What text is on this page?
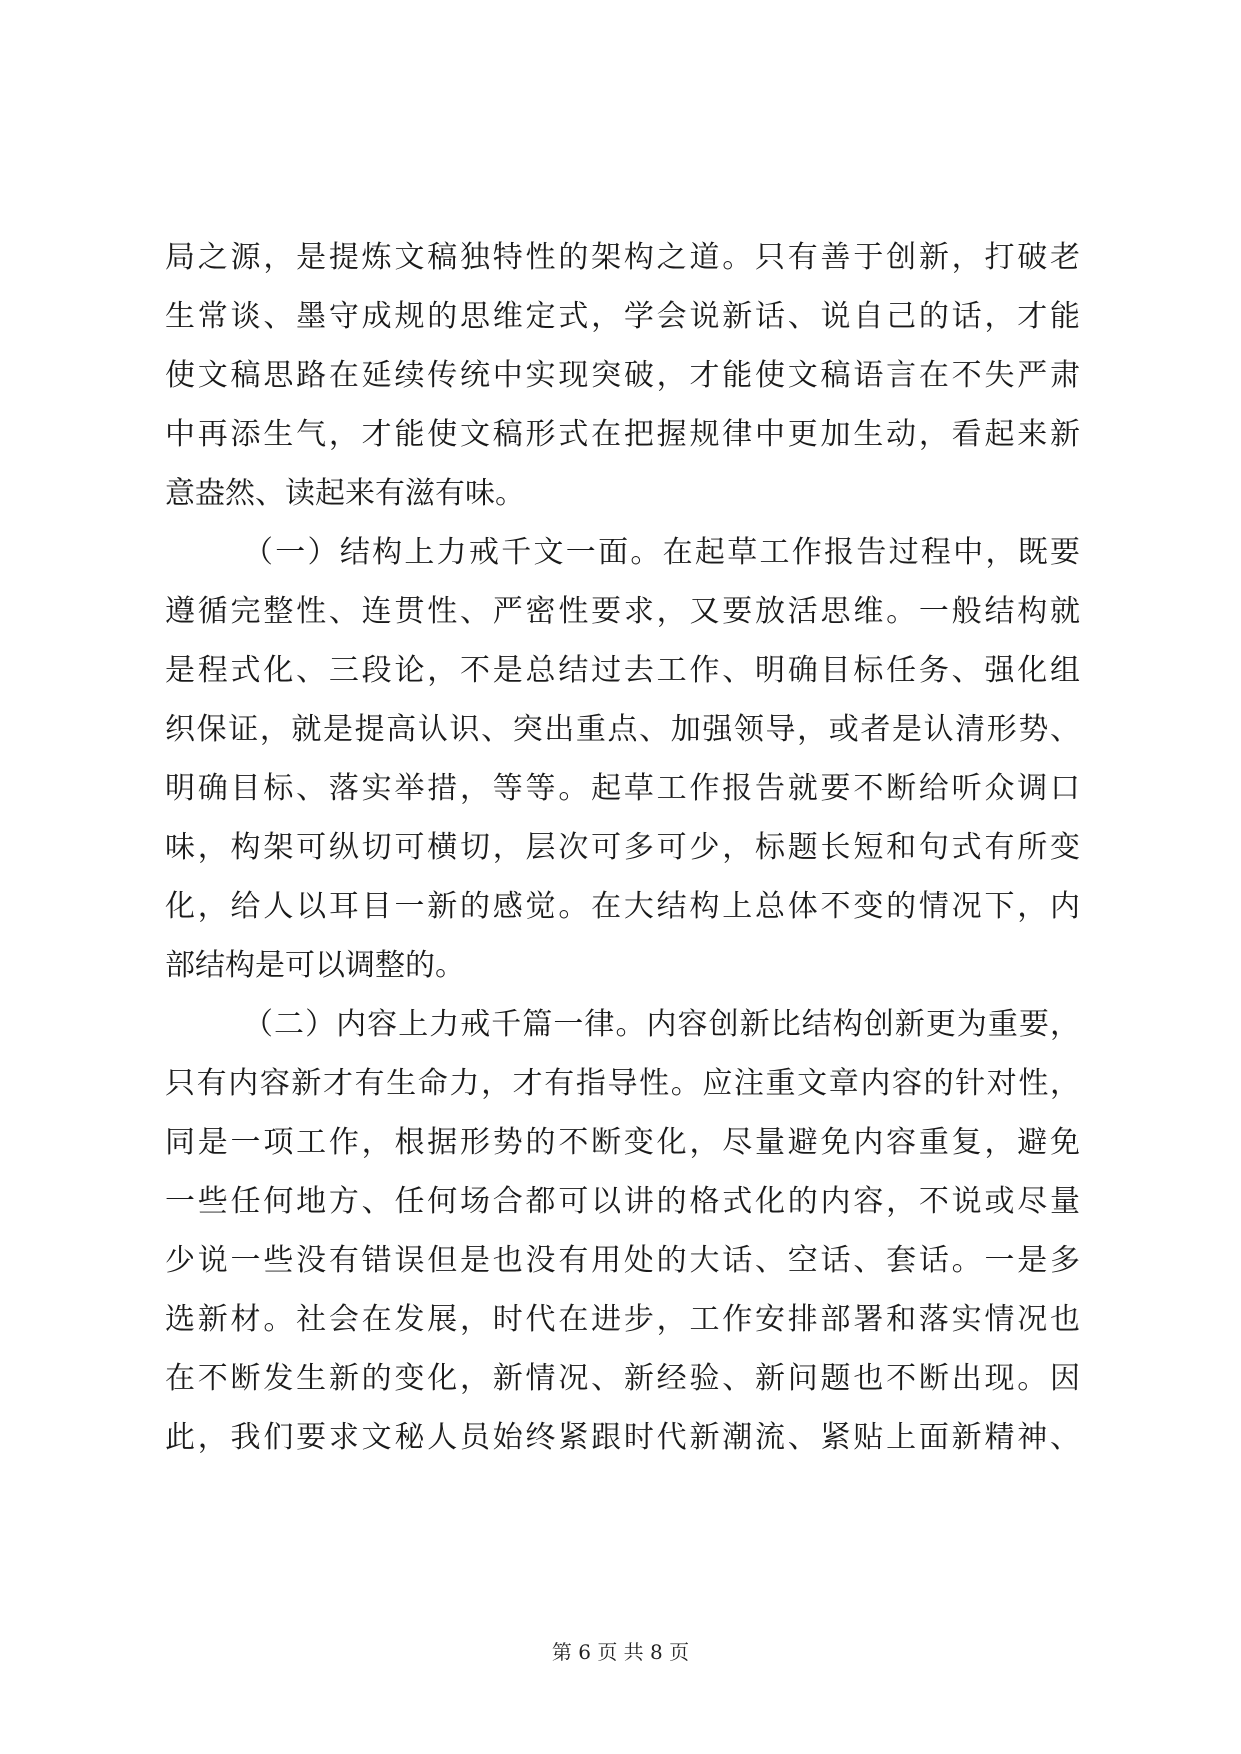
局之源，是提炼文稿独特性的架构之道。只有善于创新，打破老
生常谈、墨守成规的思维定式，学会说新话、说自己的话，才能
使文稿思路在延续传统中实现突破，才能使文稿语言在不失严肃
中再添生气，才能使文稿形式在把握规律中更加生动，看起来新
意盎然、读起来有滋有味。
（一）结构上力戒千文一面。在起草工作报告过程中，既要
遵循完整性、连贯性、严密性要求，又要放活思维。一般结构就
是程式化、三段论，不是总结过去工作、明确目标任务、强化组
织保证，就是提高认识、突出重点、加强领导，或者是认清形势、
明确目标、落实举措，等等。起草工作报告就要不断给听众调口
味，构架可纵切可横切，层次可多可少，标题长短和句式有所变
化，给人以耳目一新的感觉。在大结构上总体不变的情况下，内
部结构是可以调整的。
（二）内容上力戒千篇一律。内容创新比结构创新更为重要，
只有内容新才有生命力，才有指导性。应注重文章内容的针对性，
同是一项工作，根据形势的不断变化，尽量避免内容重复，避免
一些任何地方、任何场合都可以讲的格式化的内容，不说或尽量
少说一些没有错误但是也没有用处的大话、空话、套话。一是多
选新材。社会在发展，时代在进步，工作安排部署和落实情况也
在不断发生新的变化，新情况、新经验、新问题也不断出现。因
此，我们要求文秘人员始终紧跟时代新潮流、紧贴上面新精神、
第 6 页 共 8 页
